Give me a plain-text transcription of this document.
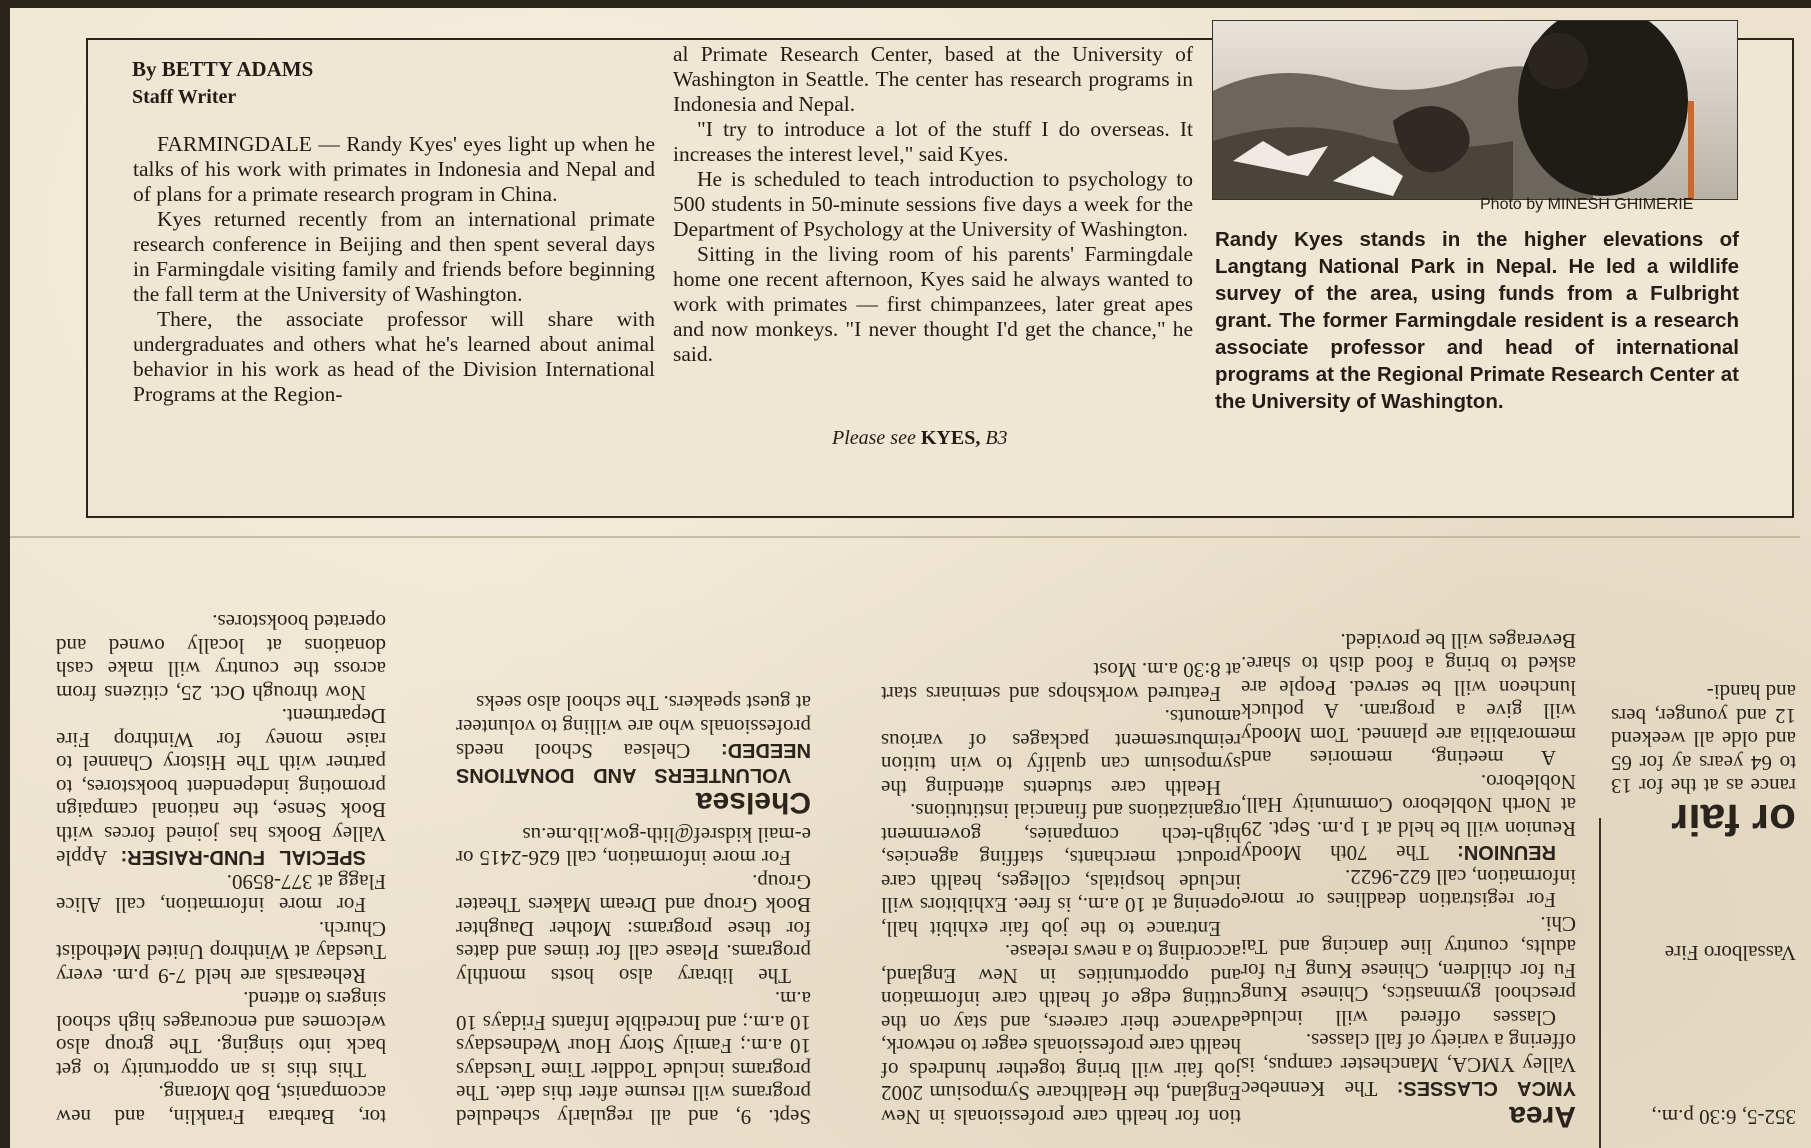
tor, Barbara Franklin, and new accompanist, Bob Morang.

This this is an opportunity to get back into singing. The group also welcomes and encourages high school singers to attend.

Rehearsals are held 7-9 p.m. every Tuesday at Winthrop United Methodist Church.

For more information, call Alice Flagg at 377-8590.

SPECIAL FUND-RAISER: Apple Valley Books has joined forces with Book Sense, the national campaign promoting independent bookstores, to partner with The History Channel to raise money for Winthrop Fire Department.

Now through Oct. 25, citizens from across the country will make cash donations at locally owned and operated bookstores.

Sept. 9, and all regularly scheduled programs will resume after this date. The programs include Toddler Time Tuesdays 10 a.m.; Family Story Hour Wednesdays 10 a.m.; and Incredible Infants Fridays 10 a.m.

The library also hosts monthly programs. Please call for times and dates for these programs: Mother Daughter Book Group and Dream Makers Theater Group.

For more information, call 626-2415 or e-mail kidsref@lith-gow.lib.me.us

Chelsea

VOLUNTEERS AND DONATIONS NEEDED: Chelsea School needs professionals who are willing to volunteer at guest speakers. The school also seeks

tion for health care professionals in New England, the Healthcare Symposium 2002 job fair will bring together hundreds of health care professionals eager to network, advance their careers, and stay on the cutting edge of health care information and opportunities in New England, according to a news release.

Entrance to the job fair exhibit hall, opening at 10 a.m., is free. Exhibitors will include hospitals, colleges, health care product merchants, staffing agencies, high-tech companies, government organizations and financial institutions.

Health care students attending the symposium can qualify to win tuition reimbursement packages of various amounts.

Featured workshops and seminars start at 8:30 a.m. Most

Area

YMCA CLASSES: The Kennebec Valley YMCA, Manchester campus, is offering a variety of fall classes.

Classes offered will include preschool gymnastics, Chinese Kung Fu for children, Chinese Kung Fu for adults, country line dancing and Tai Chi.

For registration deadlines or more information, call 622-9622.

REUNION: The 70th Moody Reunion will be held at 1 p.m. Sept. 29 at North Nobleboro Community Hall, Nobleboro.

A meeting, memories and memorabilia are planned. Tom Moody will give a program. A potluck luncheon will be served. People are asked to bring a food dish to share. Beverages will be provided.

352-5, 6:30 p.m.,

Vassalboro Fire

or fair

rance as at the for 13 to 64 years ay for 65 and olde all weekend 12 and younger, bers and handi-

By BETTY ADAMS
Staff Writer

FARMINGDALE — Randy Kyes' eyes light up when he talks of his work with primates in Indonesia and Nepal and of plans for a primate research program in China.

Kyes returned recently from an international primate research conference in Beijing and then spent several days in Farmingdale visiting family and friends before beginning the fall term at the University of Washington.

There, the associate professor will share with undergraduates and others what he's learned about animal behavior in his work as head of the Division International Programs at the Region-

al Primate Research Center, based at the University of Washington in Seattle. The center has research programs in Indonesia and Nepal.

"I try to introduce a lot of the stuff I do overseas. It increases the interest level," said Kyes.

He is scheduled to teach introduction to psychology to 500 students in 50-minute sessions five days a week for the Department of Psychology at the University of Washington.

Sitting in the living room of his parents' Farmingdale home one recent afternoon, Kyes said he always wanted to work with primates — first chimpanzees, later great apes and now monkeys. "I never thought I'd get the chance," he said.

Please see KYES, B3
Photo by MINESH GHIMERIE
Randy Kyes stands in the higher elevations of Langtang National Park in Nepal. He led a wildlife survey of the area, using funds from a Fulbright grant. The former Farmingdale resident is a research associate professor and head of international programs at the Regional Primate Research Center at the University of Washington.
